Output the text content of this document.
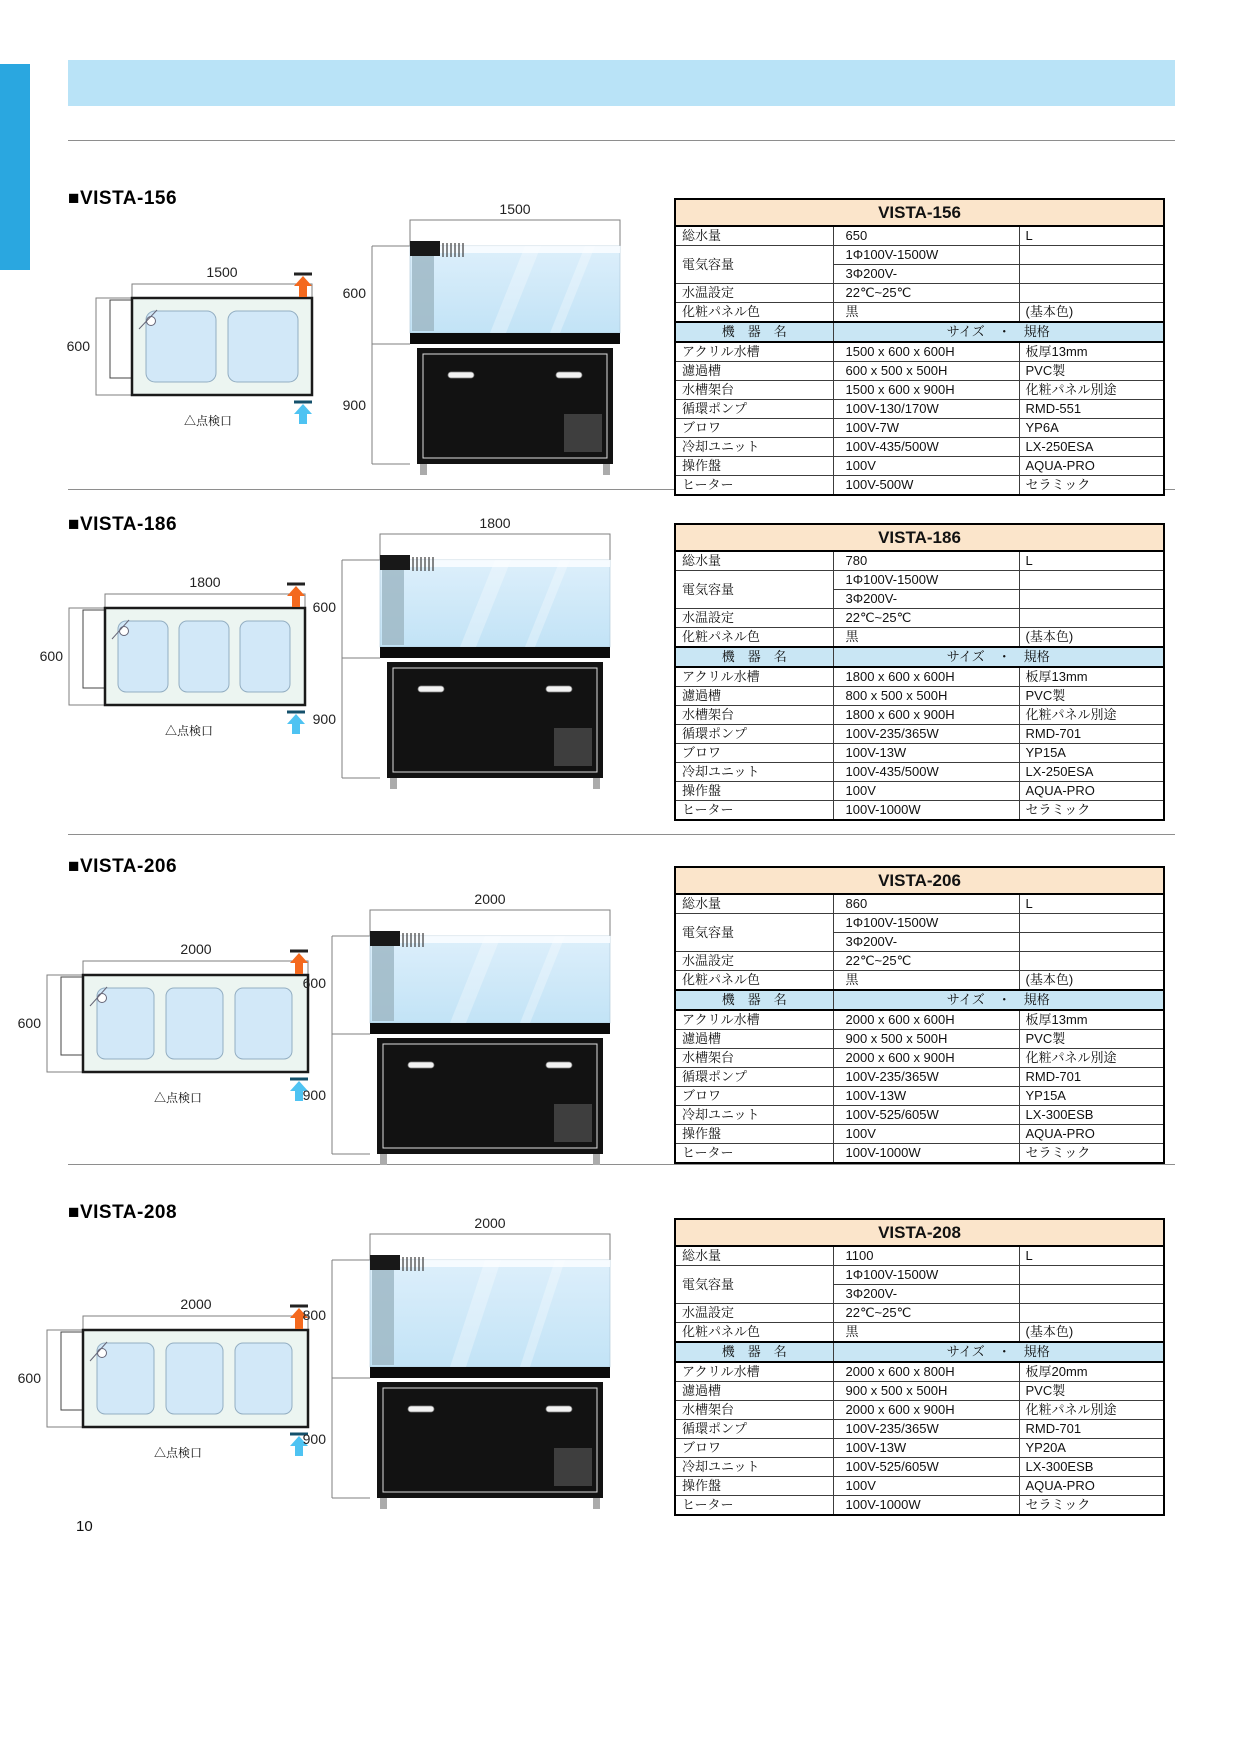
■VISTA-156
1500
600
△点検口
1500
600
900
VISTA-156		
総水量	650	L
電気容量	1Φ100V-1500W	
	3Φ200V-	
水温設定	22℃~25℃	
化粧パネル色	黒	(基本色)
機　器　名	サイズ　・　規格	
アクリル水槽	1500 x 600 x 600H	板厚13mm
濾過槽	600 x 500 x 500H	PVC製
水槽架台	1500 x 600 x 900H	化粧パネル別途
循環ポンプ	100V-130/170W	RMD-551
ブロワ	100V-7W	YP6A
冷却ユニット	100V-435/500W	LX-250ESA
操作盤	100V	AQUA-PRO
ヒーター	100V-500W	セラミック
■VISTA-186
1800
600
△点検口
1800
600
900
VISTA-186		
総水量	780	L
電気容量	1Φ100V-1500W	
	3Φ200V-	
水温設定	22℃~25℃	
化粧パネル色	黒	(基本色)
機　器　名	サイズ　・　規格	
アクリル水槽	1800 x 600 x 600H	板厚13mm
濾過槽	800 x 500 x 500H	PVC製
水槽架台	1800 x 600 x 900H	化粧パネル別途
循環ポンプ	100V-235/365W	RMD-701
ブロワ	100V-13W	YP15A
冷却ユニット	100V-435/500W	LX-250ESA
操作盤	100V	AQUA-PRO
ヒーター	100V-1000W	セラミック
■VISTA-206
2000
600
△点検口
2000
600
900
VISTA-206		
総水量	860	L
電気容量	1Φ100V-1500W	
	3Φ200V-	
水温設定	22℃~25℃	
化粧パネル色	黒	(基本色)
機　器　名	サイズ　・　規格	
アクリル水槽	2000 x 600 x 600H	板厚13mm
濾過槽	900 x 500 x 500H	PVC製
水槽架台	2000 x 600 x 900H	化粧パネル別途
循環ポンプ	100V-235/365W	RMD-701
ブロワ	100V-13W	YP15A
冷却ユニット	100V-525/605W	LX-300ESB
操作盤	100V	AQUA-PRO
ヒーター	100V-1000W	セラミック
■VISTA-208
2000
600
△点検口
2000
800
900
VISTA-208		
総水量	1100	L
電気容量	1Φ100V-1500W	
	3Φ200V-	
水温設定	22℃~25℃	
化粧パネル色	黒	(基本色)
機　器　名	サイズ　・　規格	
アクリル水槽	2000 x 600 x 800H	板厚20mm
濾過槽	900 x 500 x 500H	PVC製
水槽架台	2000 x 600 x 900H	化粧パネル別途
循環ポンプ	100V-235/365W	RMD-701
ブロワ	100V-13W	YP20A
冷却ユニット	100V-525/605W	LX-300ESB
操作盤	100V	AQUA-PRO
ヒーター	100V-1000W	セラミック
10
